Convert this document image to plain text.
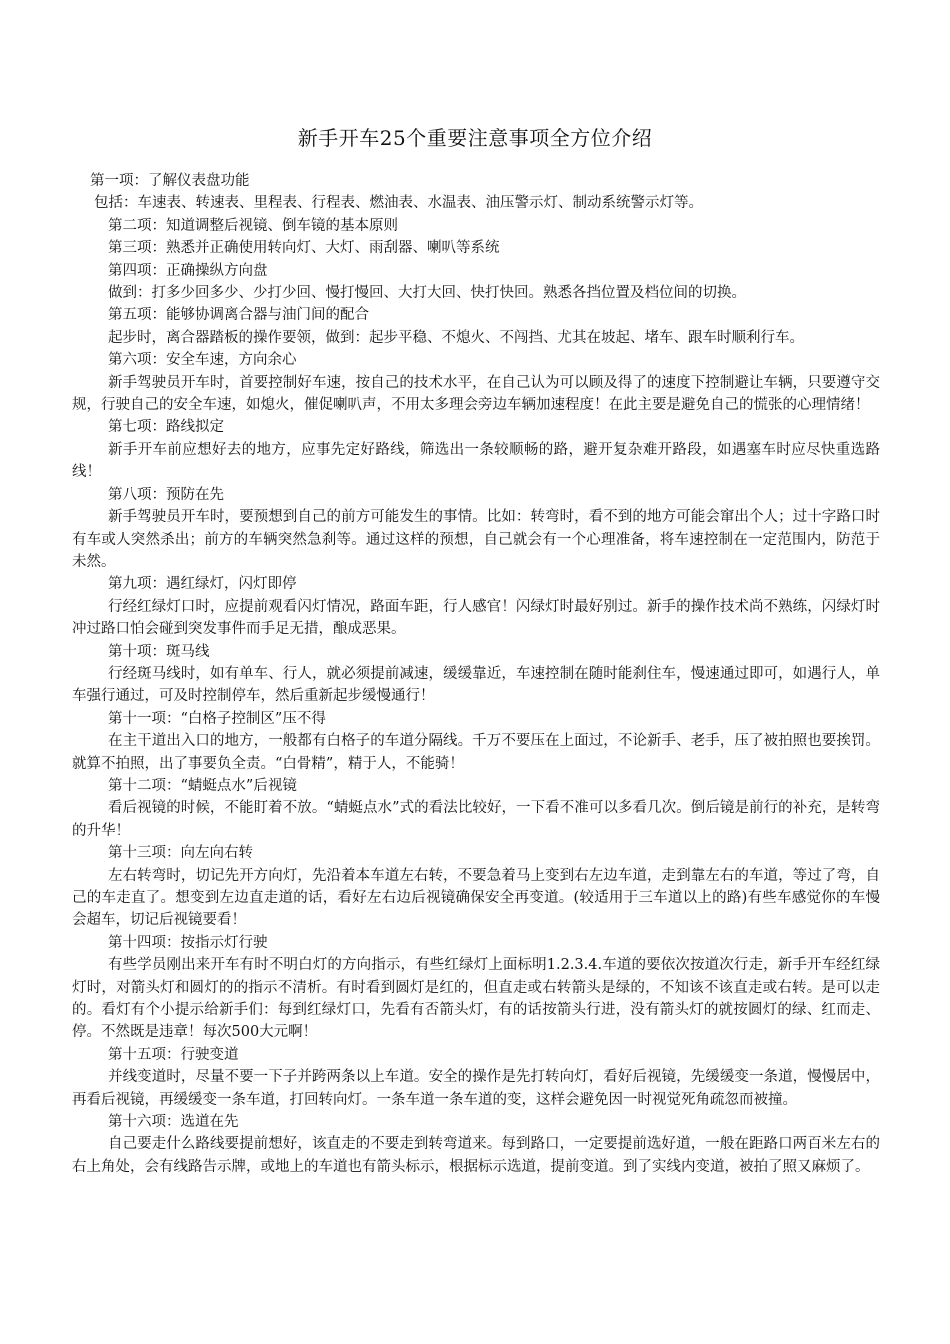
新手开车25个重要注意事项全方位介绍

第一项：了解仪表盘功能

包括：车速表、转速表、里程表、行程表、燃油表、水温表、油压警示灯、制动系统警示灯等。

第二项：知道调整后视镜、倒车镜的基本原则

第三项：熟悉并正确使用转向灯、大灯、雨刮器、喇叭等系统

第四项：正确操纵方向盘

做到：打多少回多少、少打少回、慢打慢回、大打大回、快打快回。熟悉各挡位置及档位间的切换。

第五项：能够协调离合器与油门间的配合

起步时，离合器踏板的操作要领，做到：起步平稳、不熄火、不闯挡、尤其在坡起、堵车、跟车时顺利行车。

第六项：安全车速，方向余心

新手驾驶员开车时，首要控制好车速，按自己的技术水平，在自己认为可以顾及得了的速度下控制避让车辆，只要遵守交规，行驶自己的安全车速，如熄火，催促喇叭声，不用太多理会旁边车辆加速程度！在此主要是避免自己的慌张的心理情绪！

第七项：路线拟定

新手开车前应想好去的地方，应事先定好路线，筛选出一条较顺畅的路，避开复杂难开路段，如遇塞车时应尽快重选路线！

第八项：预防在先

新手驾驶员开车时，要预想到自己的前方可能发生的事情。比如：转弯时，看不到的地方可能会窜出个人；过十字路口时有车或人突然杀出；前方的车辆突然急刹等。通过这样的预想，自己就会有一个心理准备，将车速控制在一定范围内，防范于未然。

第九项：遇红绿灯，闪灯即停

行经红绿灯口时，应提前观看闪灯情况，路面车距，行人感官！闪绿灯时最好别过。新手的操作技术尚不熟练，闪绿灯时冲过路口怕会碰到突发事件而手足无措，酿成恶果。

第十项：斑马线

行经斑马线时，如有单车、行人，就必须提前减速，缓缓靠近，车速控制在随时能刹住车，慢速通过即可，如遇行人，单车强行通过，可及时控制停车，然后重新起步缓慢通行！

第十一项：“白格子控制区”压不得

在主干道出入口的地方，一般都有白格子的车道分隔线。千万不要压在上面过，不论新手、老手，压了被拍照也要挨罚。就算不拍照，出了事要负全责。“白骨精”，精于人，不能骑！

第十二项：“蜻蜓点水”后视镜

看后视镜的时候，不能盯着不放。“蜻蜓点水”式的看法比较好，一下看不准可以多看几次。倒后镜是前行的补充，是转弯的升华！

第十三项：向左向右转

左右转弯时，切记先开方向灯，先沿着本车道左右转，不要急着马上变到右左边车道，走到靠左右的车道，等过了弯，自己的车走直了。想变到左边直走道的话，看好左右边后视镜确保安全再变道。(较适用于三车道以上的路)有些车感觉你的车慢会超车，切记后视镜要看！

第十四项：按指示灯行驶

有些学员刚出来开车有时不明白灯的方向指示，有些红绿灯上面标明1.2.3.4.车道的要依次按道次行走，新手开车经红绿灯时，对箭头灯和圆灯的的指示不清析。有时看到圆灯是红的，但直走或右转箭头是绿的，不知该不该直走或右转。是可以走的。看灯有个小提示给新手们：每到红绿灯口，先看有否箭头灯，有的话按箭头行进，没有箭头灯的就按圆灯的绿、红而走、停。不然既是违章！每次500大元啊！

第十五项：行驶变道

并线变道时，尽量不要一下子并跨两条以上车道。安全的操作是先打转向灯，看好后视镜，先缓缓变一条道，慢慢居中，再看后视镜，再缓缓变一条车道，打回转向灯。一条车道一条车道的变，这样会避免因一时视觉死角疏忽而被撞。

第十六项：选道在先

自己要走什么路线要提前想好，该直走的不要走到转弯道来。每到路口，一定要提前选好道，一般在距路口两百米左右的右上角处，会有线路告示牌，或地上的车道也有箭头标示，根据标示选道，提前变道。到了实线内变道，被拍了照又麻烦了。
